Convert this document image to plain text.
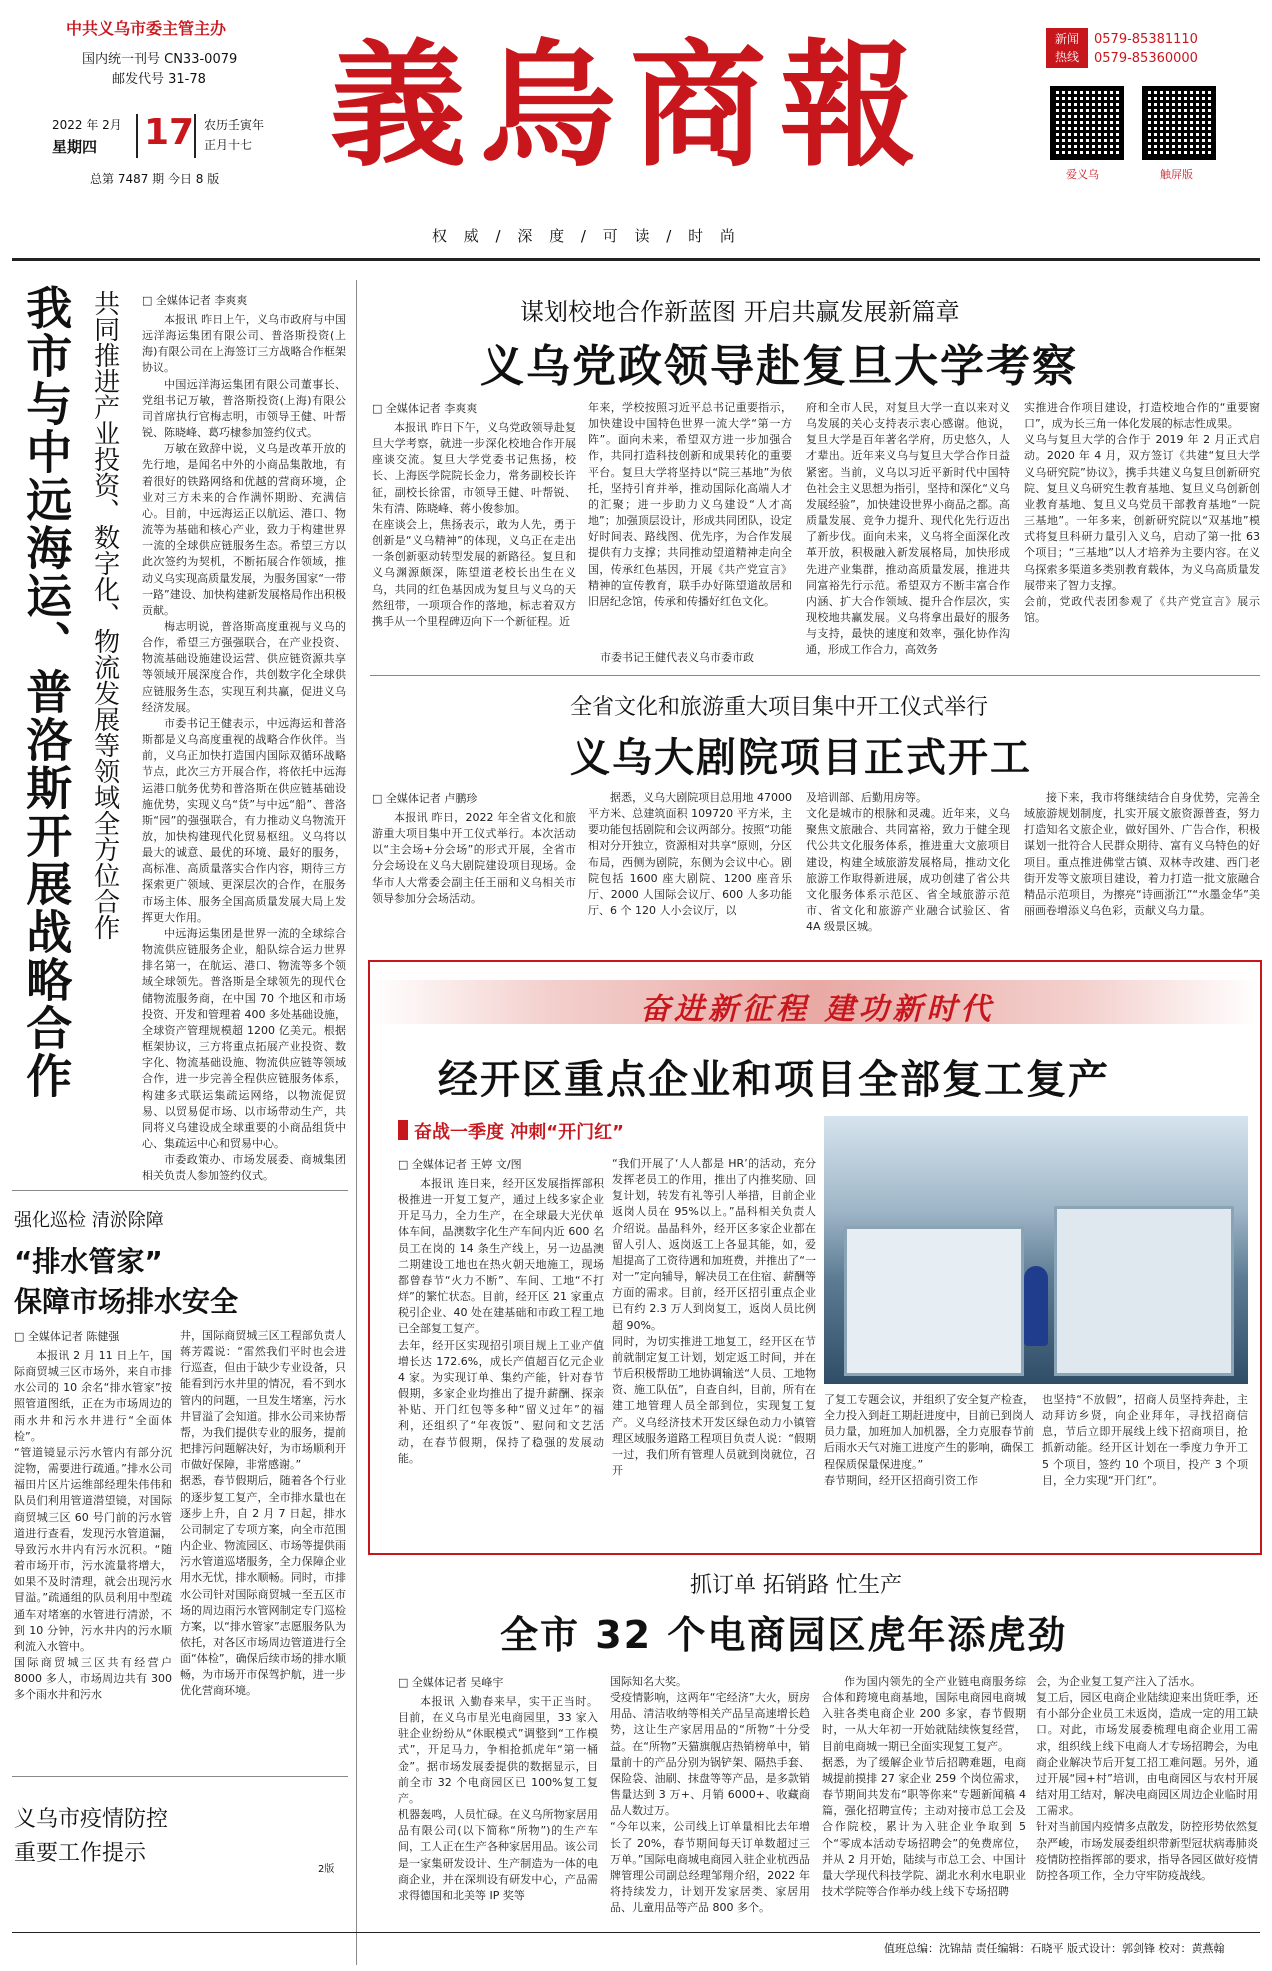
中共义乌市委主管主办
国内统一刊号 CN33-0079
邮发代号 31-78
2022 年 2月
星期四 17 农历壬寅年
正月十七
总第 7487 期 今日 8 版 義烏商報
权 威 / 深 度 / 可 读 / 时 尚
新闻
热线
0579-85381110
0579-85360000
爱义乌	触屏版
我市与中远海运、普洛斯开展战略合作 共同推进产业投资、数字化、物流发展等领域全方位合作
□	全媒体记者 李爽爽

本报讯 昨日上午，义乌市政府与中国远洋海运集团有限公司、普洛斯投资(上海)有限公司在上海签订三方战略合作框架协议。

中国远洋海运集团有限公司董事长、党组书记万敏，普洛斯投资(上海)有限公司首席执行官梅志明，市领导王健、叶帮锐、陈晓峰、葛巧棣参加签约仪式。

万敏在致辞中说，义乌是改革开放的先行地，是闻名中外的小商品集散地，有着很好的铁路网络和优越的营商环境，企业对三方未来的合作满怀期盼、充满信心。目前，中远海运正以航运、港口、物流等为基础和核心产业，致力于构建世界一流的全球供应链服务生态。希望三方以此次签约为契机，不断拓展合作领域，推动义乌实现高质量发展，为服务国家“一带一路”建设、加快构建新发展格局作出积极贡献。

梅志明说，普洛斯高度重视与义乌的合作，希望三方强强联合，在产业投资、物流基础设施建设运营、供应链资源共享等领域开展深度合作，共创数字化全球供应链服务生态，实现互利共赢，促进义乌经济发展。

市委书记王健表示，中远海运和普洛斯都是义乌高度重视的战略合作伙伴。当前，义乌正加快打造国内国际双循环战略节点，此次三方开展合作，将依托中远海运港口航务优势和普洛斯在供应链基础设施优势，实现义乌“货”与中远“船”、普洛斯“园”的强强联合，有力推动义乌物流开放，加快构建现代化贸易枢纽。义乌将以最大的诚意、最优的环境、最好的服务，高标准、高质量落实合作内容，期待三方探索更广领域、更深层次的合作，在服务市场主体、服务全国高质量发展大局上发挥更大作用。

中远海运集团是世界一流的全球综合物流供应链服务企业，船队综合运力世界排名第一，在航运、港口、物流等多个领域全球领先。普洛斯是全球领先的现代仓储物流服务商，在中国 70 个地区和市场投资、开发和管理着 400 多处基础设施，全球资产管理规模超 1200 亿美元。根据框架协议，三方将重点拓展产业投资、数字化、物流基础设施、物流供应链等领域合作，进一步完善全程供应链服务体系，构建多式联运集疏运网络，以物流促贸易、以贸易促市场、以市场带动生产，共同将义乌建设成全球重要的小商品组货中心、集疏运中心和贸易中心。

市委政策办、市场发展委、商城集团相关负责人参加签约仪式。

谋划校地合作新蓝图 开启共赢发展新篇章
义乌党政领导赴复旦大学考察
□ 全媒体记者 李爽爽
本报讯 昨日下午，义乌党政领导赴复旦大学考察，就进一步深化校地合作开展座谈交流。复旦大学党委书记焦扬，校长、上海医学院院长金力，常务副校长许征，副校长徐雷，市领导王健、叶帮锐、朱有清、陈晓峰、蒋小俊参加。
在座谈会上，焦扬表示，敢为人先，勇于创新是“义乌精神”的体现，义乌正在走出一条创新驱动转型发展的新路径。复旦和义乌渊源颇深，陈望道老校长出生在义乌，共同的红色基因成为复旦与义乌的天然纽带，一项项合作的落地，标志着双方携手从一个里程碑迈向下一个新征程。近
年来，学校按照习近平总书记重要指示，加快建设中国特色世界一流大学“第一方阵”。面向未来，希望双方进一步加强合作，共同打造科技创新和成果转化的重要平台。复旦大学将坚持以“院三基地”为依托，坚持引育并举，推动国际化高端人才的汇聚；进一步助力义乌建设“人才高地”；加强顶层设计，形成共同团队，设定好时间表、路线图、优先序，为合作发展提供有力支撑；共同推动望道精神走向全国，传承红色基因，开展《共产党宣言》精神的宣传教育，联手办好陈望道故居和旧居纪念馆，传承和传播好红色文化。
市委书记王健代表义乌市委市政
府和全市人民，对复旦大学一直以来对义乌发展的关心支持表示衷心感谢。他说，复旦大学是百年著名学府，历史悠久，人才辈出。近年来义乌与复旦大学合作日益紧密。当前，义乌以习近平新时代中国特色社会主义思想为指引，坚持和深化“义乌发展经验”，加快建设世界小商品之都。高质量发展、竞争力提升、现代化先行迈出了新步伐。面向未来，义乌将全面深化改革开放，积极融入新发展格局，加快形成先进产业集群，推动高质量发展，推进共同富裕先行示范。希望双方不断丰富合作内涵、扩大合作领域、提升合作层次，实现校地共赢发展。义乌将拿出最好的服务与支持，最快的速度和效率，强化协作沟通，形成工作合力，高效务
实推进合作项目建设，打造校地合作的“重要窗口”，成为长三角一体化发展的标志性成果。
义乌与复旦大学的合作于 2019 年 2 月正式启动。2020 年 4 月，双方签订《共建“复旦大学义乌研究院”协议》，携手共建义乌复旦创新研究院、复旦义乌研究生教育基地、复旦义乌创新创业教育基地、复旦义乌党员干部教育基地“一院三基地”。一年多来，创新研究院以“双基地”模式将复旦科研力量引入义乌，启动了第一批 63 个项目；“三基地”以人才培养为主要内容。在义乌探索多渠道多类别教育载体，为义乌高质量发展带来了智力支撑。
会前，党政代表团参观了《共产党宣言》展示馆。
全省文化和旅游重大项目集中开工仪式举行
义乌大剧院项目正式开工
□ 全媒体记者 卢鹏珍
本报讯 昨日，2022 年全省文化和旅游重大项目集中开工仪式举行。本次活动以“主会场+分会场”的形式开展，全省市分会场设在义乌大剧院建设项目现场。金华市人大常委会副主任王丽和义乌相关市领导参加分会场活动。
据悉，义乌大剧院项目总用地 47000 平方米、总建筑面积 109720 平方米，主要功能包括剧院和会议两部分。按照“功能相对分开独立，资源相对共享“原则，分区布局，西侧为剧院，东侧为会议中心。剧院包括 1600 座大剧院、1200 座音乐厅、2000 人国际会议厅、600 人多功能厅、6 个 120 人小会议厅，以
及培训部、后勤用房等。
文化是城市的根脉和灵魂。近年来，义乌聚焦文旅融合、共同富裕，致力于健全现代公共文化服务体系，推进重大文旅项目建设，构建全域旅游发展格局，推动文化旅游工作取得新进展，成功创建了省公共文化服务体系示范区、省全域旅游示范市、省文化和旅游产业融合试验区、省 4A 级景区城。
接下来，我市将继续结合自身优势，完善全域旅游规划制度，扎实开展文旅资源普查，努力打造知名文旅企业，做好国外、广告合作，积极谋划一批符合人民群众期待、富有义乌特色的好项目。重点推进佛堂古镇、双林寺改建、西门老街开发等文旅项目建设，着力打造一批文旅融合精品示范项目，为擦亮“诗画浙江”“水墨金华”美丽画卷增添义乌色彩，贡献义乌力量。
奋进新征程 建功新时代
经开区重点企业和项目全部复工复产
奋战一季度 冲刺“开门红”
□ 全媒体记者 王婷 文/图
本报讯 连日来，经开区发展指挥部积极推进一开复工复产，通过上线多家企业开足马力，全力生产，在全球最大光伏单体车间，晶澳数字化生产车间内近 600 名员工在岗的 14 条生产线上，另一边晶澳二期建设工地也在热火朝天地施工，现场都曾春节“火力不断”、车间、工地“不打烊”的繁忙状态。目前，经开区 21 家重点税引企业、40 处在建基础和市政工程工地已全部复工复产。
去年，经开区实现招引项目规上工业产值增长达 172.6%，成长产值超百亿元企业 4 家。为实现订单、集约产能，针对春节假期，多家企业均推出了提升薪酬、探亲补贴、开门红包等多种“留义过年”的福利，还组织了“年夜饭”、慰问和文艺活动，在春节假期，保持了稳强的发展动能。
“我们开展了‘人人都是 HR’的活动，充分发挥老员工的作用，推出了内推奖励、回复计划，转发有礼等引人举措，目前企业返岗人员在 95%以上。”晶科相关负责人介绍说。晶晶科外，经开区多家企业都在留人引人、返岗返工上各显其能，如，爱旭提高了工资待遇和加班费，并推出了“一对一”定向辅导，解决员工在住宿、薪酬等方面的需求。目前，经开区招引重点企业已有约 2.3 万人到岗复工，返岗人员比例超 90%。
同时，为切实推进工地复工，经开区在节前就制定复工计划，划定返工时间，并在节后积极帮助工地协调输送“人员、工地物资、施工队伍”，自查自纠，目前，所有在建工地管理人员全部到位，实现复工复产。义乌经济技术开发区绿色动力小镇管理区域服务道路工程项目负责人说：“假期一过，我们所有管理人员就到岗就位，召开
了复工专题会议，并组织了安全复产检查，全力投入到赶工期赶进度中，目前已到岗人员力量，加班加人加机器，全力克服春节前后雨水天气对施工进度产生的影响，确保工程保质保量保进度。”
春节期间，经开区招商引资工作
也坚持“不放假”，招商人员坚持奔赴，主动拜访乡贤，向企业拜年，寻找招商信息，节后立即开展线上线下招商项目，抢抓新动能。经开区计划在一季度力争开工 5 个项目，签约 10 个项目，投产 3 个项目，全力实现“开门红”。
强化巡检 清淤除障
“排水管家”
保障市场排水安全
□ 全媒体记者 陈健强
本报讯 2 月 11 日上午，国际商贸城三区市场外，来自市排水公司的 10 余名“排水管家”按照管道图纸，正在为市场周边的雨水井和污水井进行“全面体检”。
“管道镜显示污水管内有部分沉淀物，需要进行疏通。”排水公司福田片区片运维部经理朱伟伟和队员们利用管道潜望镜，对国际商贸城三区 60 号门前的污水管道进行查看，发现污水管道漏，导致污水井内有污水沉积。“随着市场开市，污水流量将增大，如果不及时清理，就会出现污水冒溢。”疏通组的队员利用中型疏通车对堵塞的水管进行清淤，不到 10 分钟，污水井内的污水顺利流入水管中。
国际商贸城三区共有经营户 8000 多人，市场周边共有 300 多个雨水井和污水
井，国际商贸城三区工程部负责人蒋芳霞说：“雷然我们平时也会进行巡查，但由于缺少专业设备，只能看到污水井里的情况，看不到水管内的问题，一旦发生堵塞，污水井冒溢了会知道。排水公司来协帮帮，为我们提供专业的服务，提前把排污问题解决好，为市场顺利开市做好保障，非常感谢。”
据悉，春节假期后，随着各个行业的逐步复工复产，全市排水量也在逐步上升，自 2 月 7 日起，排水公司制定了专项方案，向全市范围内企业、物流园区、市场等提供雨污水管道巡堵服务，全力保障企业用水无忧，排水顺畅。同时，市排水公司针对国际商贸城一至五区市场的周边雨污水管网制定专门巡检方案，以“排水管家”志愿服务队为依托，对各区市场周边管道进行全面“体检”，确保后续市场的排水顺畅，为市场开市保驾护航，进一步优化营商环境。
义乌市疫情防控
重要工作提示
2版
抓订单 拓销路 忙生产
全市 32 个电商园区虎年添虎劲
□ 全媒体记者 吴峰宇
本报讯 入勤春来早，实干正当时。目前，在义乌市星光电商园里，33 家入驻企业纷纷从“休眠模式”调整到“工作模式”，开足马力，争相抢抓虎年“第一桶金”。据市场发展委提供的数据显示，目前全市 32 个电商园区已 100%复工复产。
机器轰鸣，人员忙碌。在义乌所物家居用品有限公司(以下简称“所物”)的生产车间，工人正在生产各种家居用品。该公司是一家集研发设计、生产制造为一体的电商企业，并在深圳设有研发中心，产品需求得德国和北美等 IP 奖等
国际知名大奖。
受疫情影响，这两年“宅经济”大火，厨房用品、清洁收纳等相关产品呈高速增长趋势，这让生产家居用品的“所物”十分受益。在“所物”天猫旗舰店热销榜单中，销量前十的产品分别为锅铲架、隔热手套、保险袋、油刷、抹盘等等产品，是多款销售量达到 3 万+、月销 6000+、收藏商品人数过万。
“今年以来，公司线上订单量相比去年增长了 20%，春节期间每天订单数超过三万单。”国际电商城电商园入驻企业杭西品牌管理公司副总经理邹翔介绍，2022 年将持续发力，计划开发家居类、家居用品、儿童用品等产品 800 多个。
作为国内领先的全产业链电商服务综合体和跨境电商基地，国际电商园电商城入驻各类电商企业 200 多家，春节假期时，一从大年初一开始就陆续恢复经营，目前电商城一期已全面实现复工复产。
据悉，为了缓解企业节后招聘难题，电商城提前摸排 27 家企业 259 个岗位需求，春节期间共发布“职等你来“专题新闻稿 4 篇，强化招聘宣传；主动对接市总工会及合作院校，累计为入驻企业争取到 5 个“零成本活动专场招聘会”的免费席位，并从 2 月开始，陆续与市总工会、中国计量大学现代科技学院、湖北水利水电职业技术学院等合作举办线上线下专场招聘
会，为企业复工复产注入了活水。
复工后，园区电商企业陆续迎来出货旺季，还有小部分企业员工未返岗，造成一定的用工缺口。对此，市场发展委梳理电商企业用工需求，组织线上线下电商人才专场招聘会，为电商企业解决节后开复工招工难问题。另外，通过开展“园+村”培训，由电商园区与农村开展结对用工结对，解决电商园区周边企业临时用工需求。
针对当前国内疫情多点散发，防控形势依然复杂严峻，市场发展委组织带新型冠状病毒肺炎疫情防控指挥部的要求，指导各园区做好疫情防控各项工作，全力守牢防疫战线。
值班总编：沈锦喆 责任编辑：石晓平 版式设计：郭剑锋 校对：黄燕翰
